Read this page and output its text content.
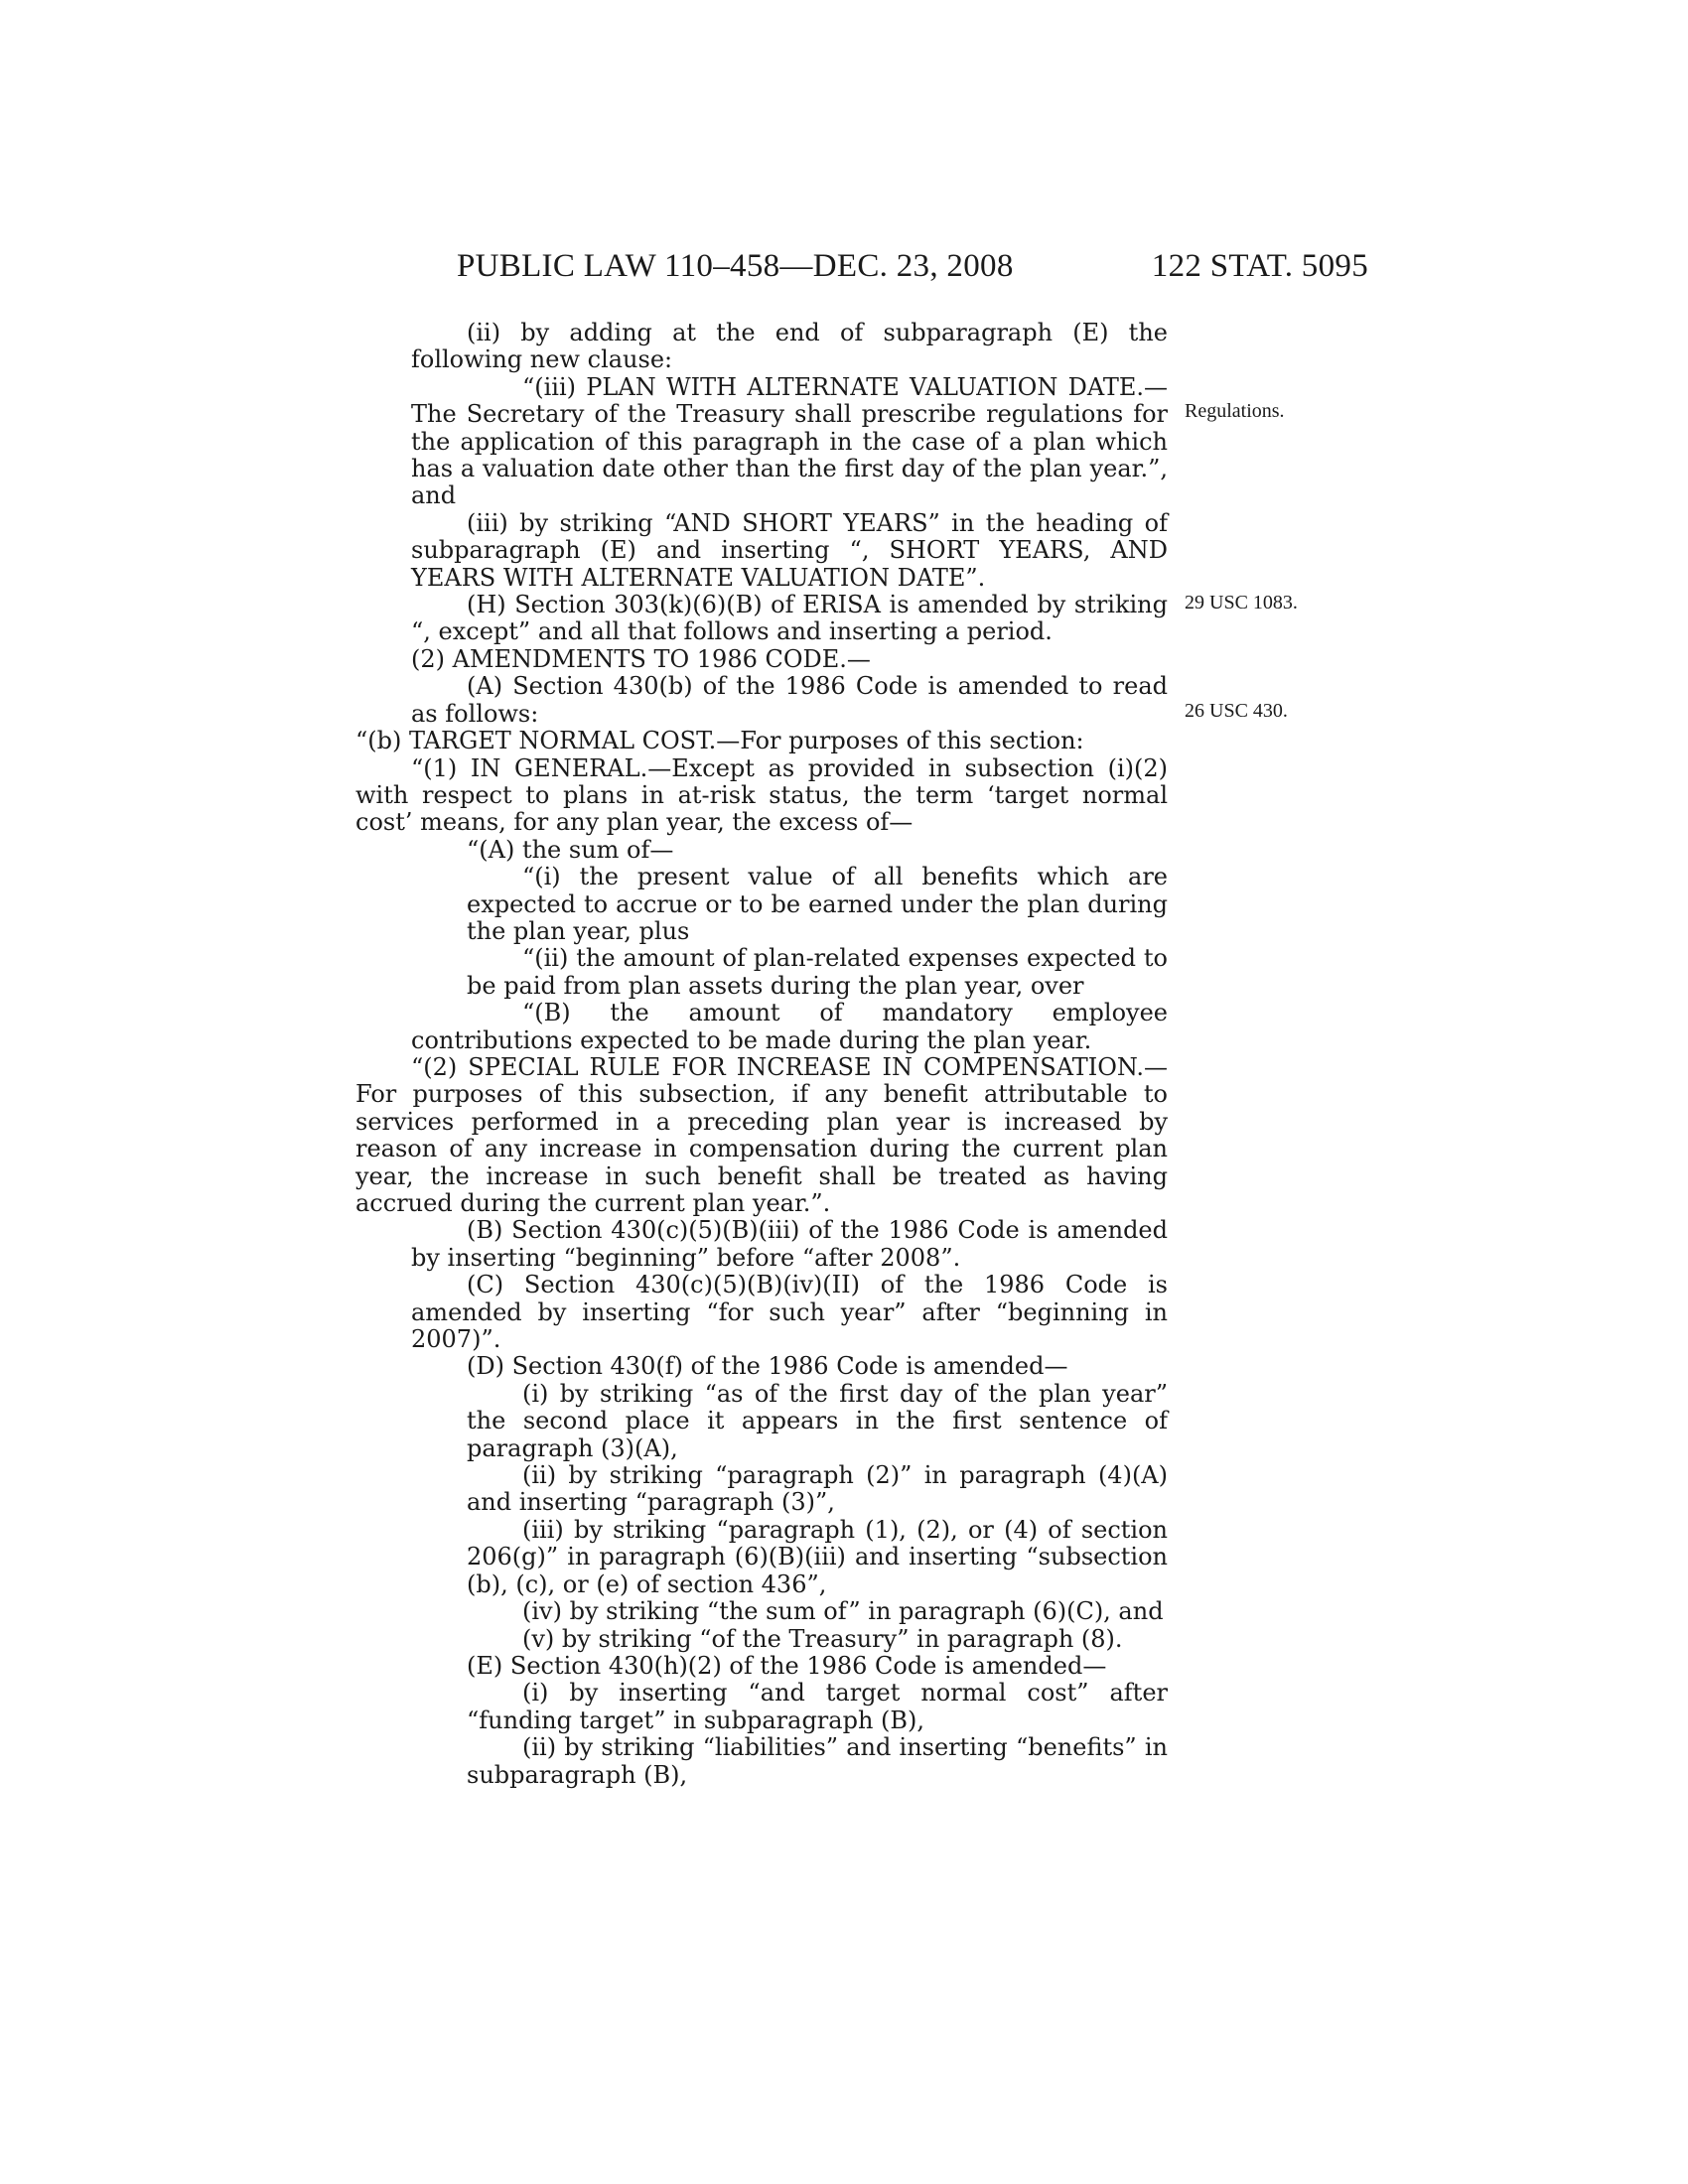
PUBLIC LAW 110–458—DEC. 23, 2008	122 STAT. 5095
Regulations.
29 USC 1083.
26 USC 430.

(ii) by adding at the end of subparagraph (E) the following new clause:

“(iii) PLAN WITH ALTERNATE VALUATION DATE.—The Secretary of the Treasury shall prescribe regulations for the application of this paragraph in the case of a plan which has a valuation date other than the first day of the plan year.”, and

(iii) by striking “AND SHORT YEARS” in the heading of subparagraph (E) and inserting “, SHORT YEARS, AND YEARS WITH ALTERNATE VALUATION DATE”.

(H) Section 303(k)(6)(B) of ERISA is amended by striking “, except” and all that follows and inserting a period.

(2) AMENDMENTS TO 1986 CODE.—

(A) Section 430(b) of the 1986 Code is amended to read as follows:

“(b) TARGET NORMAL COST.—For purposes of this section:

“(1) IN GENERAL.—Except as provided in subsection (i)(2) with respect to plans in at-risk status, the term ‘target normal cost’ means, for any plan year, the excess of—

“(A) the sum of—

“(i) the present value of all benefits which are expected to accrue or to be earned under the plan during the plan year, plus

“(ii) the amount of plan-related expenses expected to be paid from plan assets during the plan year, over

“(B) the amount of mandatory employee contributions expected to be made during the plan year.

“(2) SPECIAL RULE FOR INCREASE IN COMPENSATION.—For purposes of this subsection, if any benefit attributable to services performed in a preceding plan year is increased by reason of any increase in compensation during the current plan year, the increase in such benefit shall be treated as having accrued during the current plan year.”.

(B) Section 430(c)(5)(B)(iii) of the 1986 Code is amended by inserting “beginning” before “after 2008”.

(C) Section 430(c)(5)(B)(iv)(II) of the 1986 Code is amended by inserting “for such year” after “beginning in 2007)”.

(D) Section 430(f) of the 1986 Code is amended—

(i) by striking “as of the first day of the plan year” the second place it appears in the first sentence of paragraph (3)(A),

(ii) by striking “paragraph (2)” in paragraph (4)(A) and inserting “paragraph (3)”,

(iii) by striking “paragraph (1), (2), or (4) of section 206(g)” in paragraph (6)(B)(iii) and inserting “subsection (b), (c), or (e) of section 436”,

(iv) by striking “the sum of” in paragraph (6)(C), and

(v) by striking “of the Treasury” in paragraph (8).

(E) Section 430(h)(2) of the 1986 Code is amended—

(i) by inserting “and target normal cost” after “funding target” in subparagraph (B),

(ii) by striking “liabilities” and inserting “benefits” in subparagraph (B),
